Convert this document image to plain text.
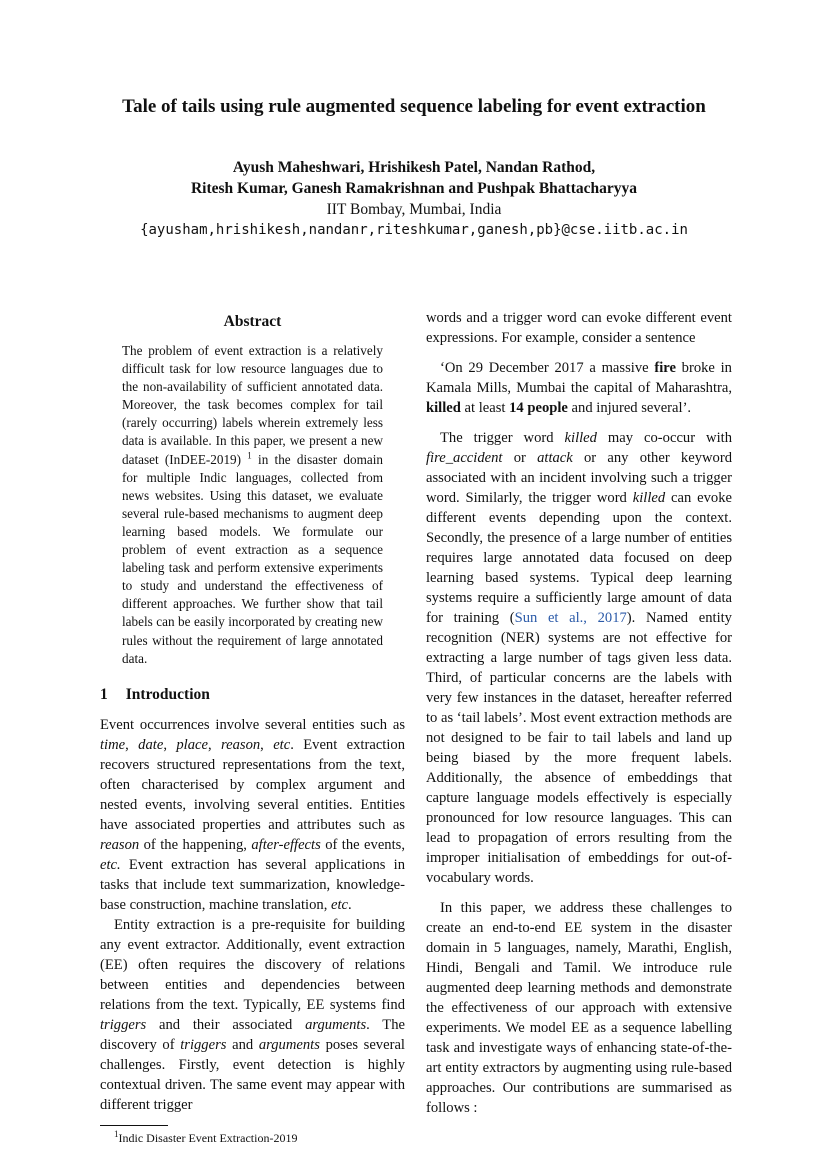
Tale of tails using rule augmented sequence labeling for event extraction
Ayush Maheshwari, Hrishikesh Patel, Nandan Rathod,
Ritesh Kumar, Ganesh Ramakrishnan and Pushpak Bhattacharyya
IIT Bombay, Mumbai, India
{ayusham,hrishikesh,nandanr,riteshkumar,ganesh,pb}@cse.iitb.ac.in
Abstract

The problem of event extraction is a relatively difficult task for low resource languages due to the non-availability of sufficient annotated data. Moreover, the task becomes complex for tail (rarely occurring) labels wherein extremely less data is available. In this paper, we present a new dataset (InDEE-2019) $^1$ in the disaster domain for multiple Indic languages, collected from news websites. Using this dataset, we evaluate several rule-based mechanisms to augment deep learning based models. We formulate our problem of event extraction as a sequence labeling task and perform extensive experiments to study and understand the effectiveness of different approaches. We further show that tail labels can be easily incorporated by creating new rules without the requirement of large annotated data.

1 Introduction

Event occurrences involve several entities such as time, date, place, reason, etc. Event extraction recovers structured representations from the text, often characterised by complex argument and nested events, involving several entities. Entities have associated properties and attributes such as reason of the happening, after-effects of the events, etc. Event extraction has several applications in tasks that include text summarization, knowledge-base construction, machine translation, etc.

Entity extraction is a pre-requisite for building any event extractor. Additionally, event extraction (EE) often requires the discovery of relations between entities and dependencies between relations from the text. Typically, EE systems find triggers and their associated arguments. The discovery of triggers and arguments poses several challenges. Firstly, event detection is highly contextual driven. The same event may appear with different trigger

$^1$Indic Disaster Event Extraction-2019

words and a trigger word can evoke different event expressions. For example, consider a sentence

‘On 29 December 2017 a massive fire broke in Kamala Mills, Mumbai the capital of Maharashtra, killed at least 14 people and injured several’.

The trigger word killed may co-occur with fire_accident or attack or any other keyword associated with an incident involving such a trigger word. Similarly, the trigger word killed can evoke different events depending upon the context. Secondly, the presence of a large number of entities requires large annotated data focused on deep learning based systems. Typical deep learning systems require a sufficiently large amount of data for training (Sun et al., 2017). Named entity recognition (NER) systems are not effective for extracting a large number of tags given less data. Third, of particular concerns are the labels with very few instances in the dataset, hereafter referred to as ‘tail labels’. Most event extraction methods are not designed to be fair to tail labels and land up being biased by the more frequent labels. Additionally, the absence of embeddings that capture language models effectively is especially pronounced for low resource languages. This can lead to propagation of errors resulting from the improper initialisation of embeddings for out-of-vocabulary words.

In this paper, we address these challenges to create an end-to-end EE system in the disaster domain in 5 languages, namely, Marathi, English, Hindi, Bengali and Tamil. We introduce rule augmented deep learning methods and demonstrate the effectiveness of our approach with extensive experiments. We model EE as a sequence labelling task and investigate ways of enhancing state-of-the-art entity extractors by augmenting using rule-based approaches. Our contributions are summarised as follows :
